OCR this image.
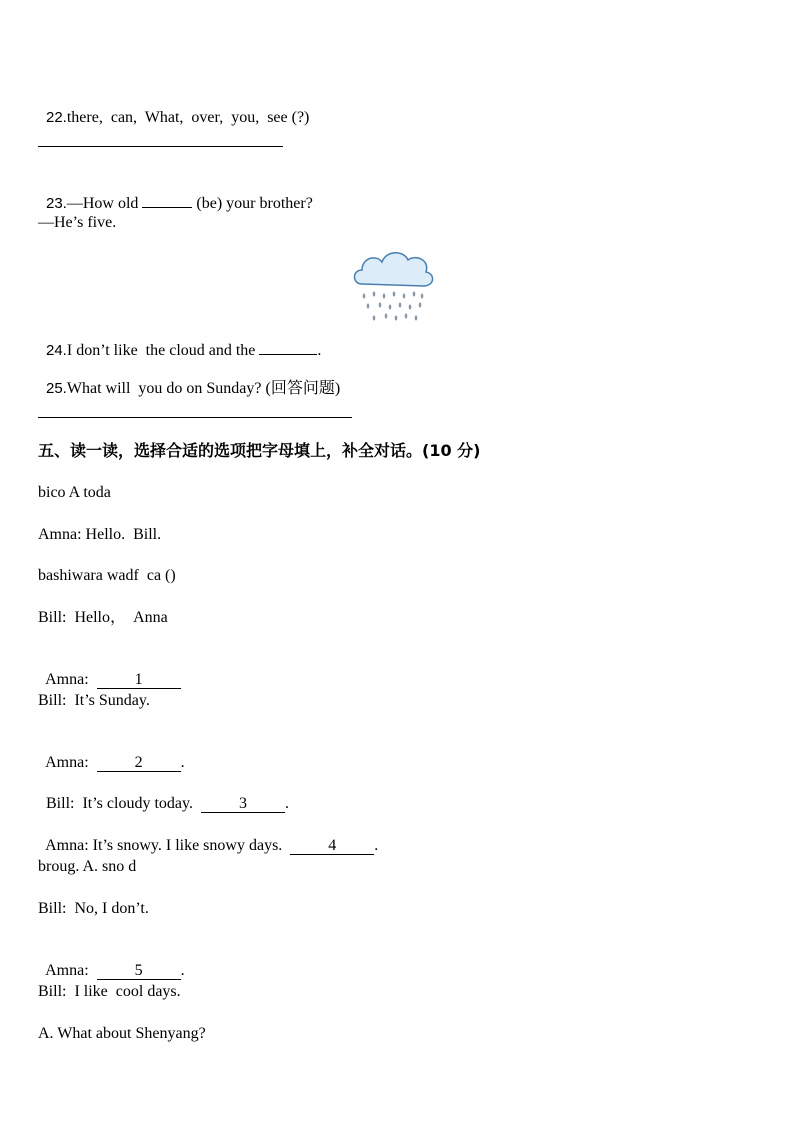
22.there,  can,  What,  over,  you,  see (?)

23.—How old	(be) your brother?

—He’s five.

24.I don’t like  the cloud and the	.

25.What will  you do on Sunday? (回答问题)

五、读一读，选择合适的选项把字母填上，补全对话。(10 分)
bico A toda
Amna: Hello.  Bill.
bashiwara wadf  ca ()
Bill:  Hello，  Anna

Amna:  1

Bill:  It’s Sunday.

Amna:  2 .

Bill:  It’s cloudy today.  3 .

Amna: It’s snowy. I like snowy days.  4 .

broug. A. sno d
Bill:  No, I don’t.

Amna:  5 .

Bill:  I like  cool days.
A. What about Shenyang?
